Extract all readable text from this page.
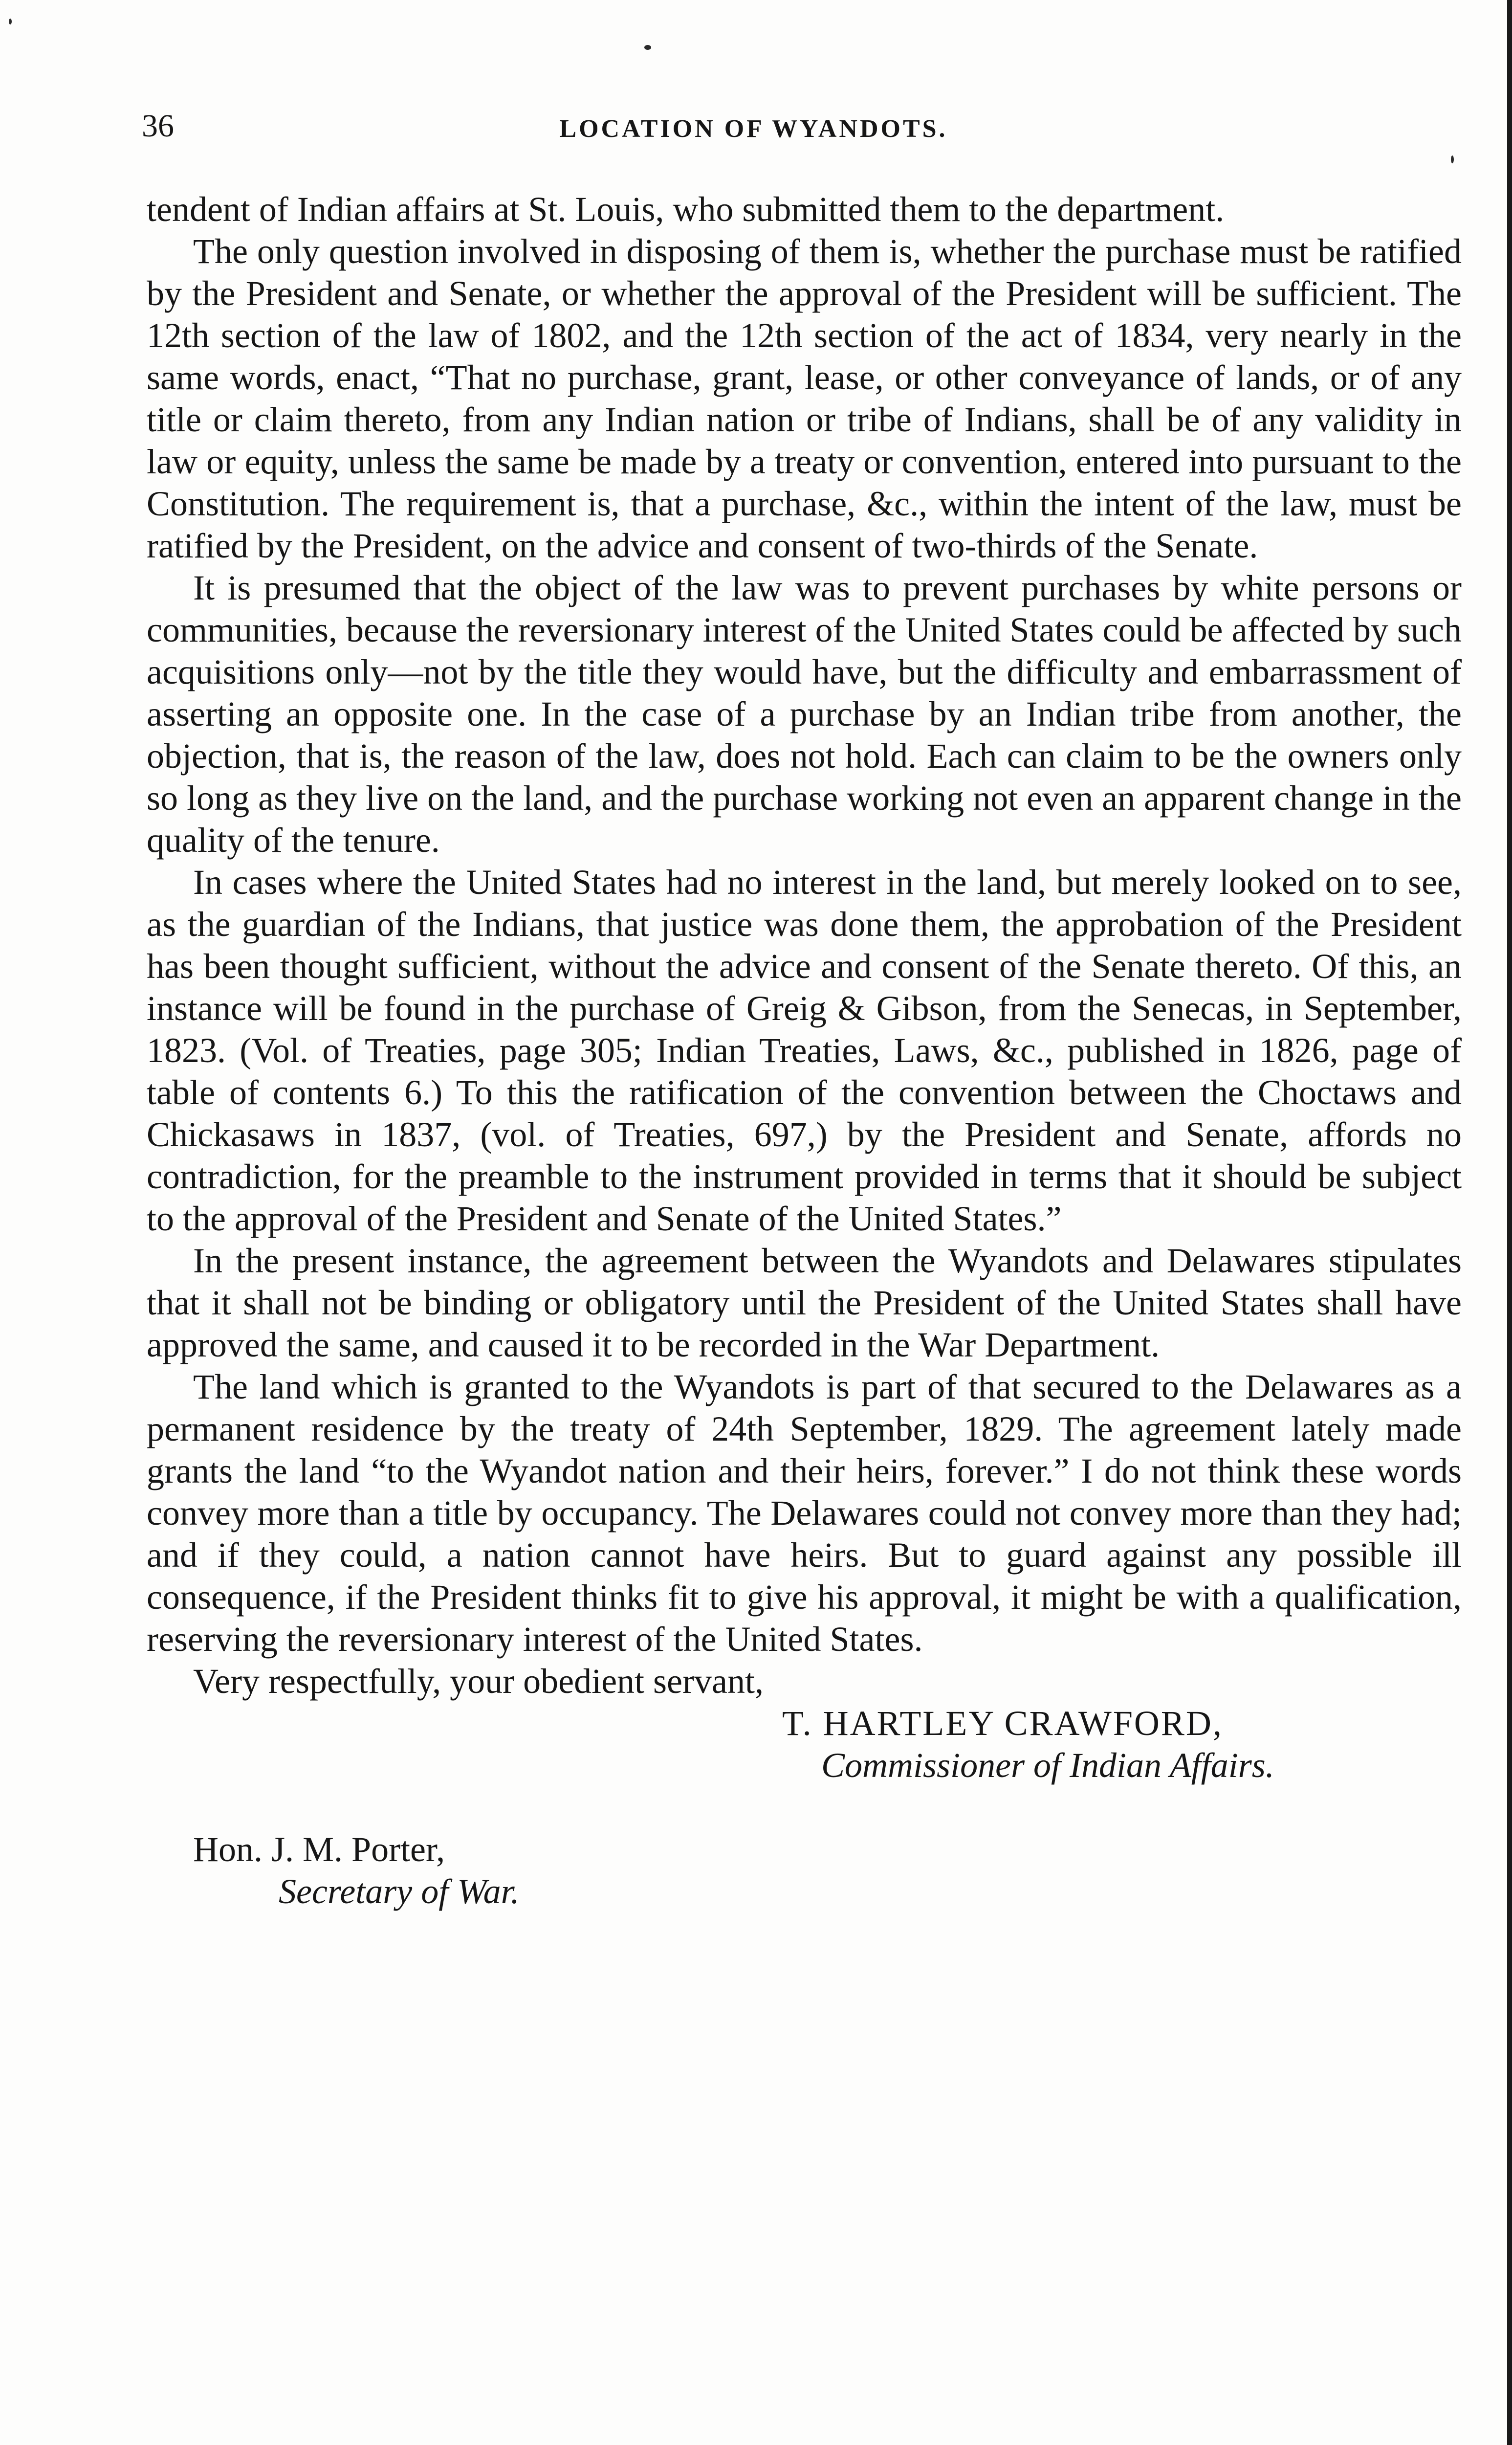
36	LOCATION OF WYANDOTS.

tendent of Indian affairs at St. Louis, who submitted them to the department.

The only question involved in disposing of them is, whether the purchase must be ratified by the President and Senate, or whether the approval of the President will be sufficient. The 12th section of the law of 1802, and the 12th section of the act of 1834, very nearly in the same words, enact, “That no purchase, grant, lease, or other conveyance of lands, or of any title or claim thereto, from any Indian nation or tribe of Indians, shall be of any validity in law or equity, unless the same be made by a treaty or convention, entered into pursuant to the Constitution. The requirement is, that a purchase, &c., within the intent of the law, must be ratified by the President, on the advice and consent of two-thirds of the Senate.

It is presumed that the object of the law was to prevent purchases by white persons or communities, because the reversionary interest of the United States could be affected by such acquisitions only—not by the title they would have, but the difficulty and embarrassment of asserting an opposite one. In the case of a purchase by an Indian tribe from another, the objection, that is, the reason of the law, does not hold. Each can claim to be the owners only so long as they live on the land, and the purchase working not even an apparent change in the quality of the tenure.

In cases where the United States had no interest in the land, but merely looked on to see, as the guardian of the Indians, that justice was done them, the approbation of the President has been thought sufficient, without the advice and consent of the Senate thereto. Of this, an instance will be found in the purchase of Greig & Gibson, from the Senecas, in September, 1823. (Vol. of Treaties, page 305; Indian Treaties, Laws, &c., published in 1826, page of table of contents 6.) To this the ratification of the convention between the Choctaws and Chickasaws in 1837, (vol. of Treaties, 697,) by the President and Senate, affords no contradiction, for the preamble to the instrument provided in terms that it should be subject to the approval of the President and Senate of the United States.”

In the present instance, the agreement between the Wyandots and Delawares stipulates that it shall not be binding or obligatory until the President of the United States shall have approved the same, and caused it to be recorded in the War Department.

The land which is granted to the Wyandots is part of that secured to the Delawares as a permanent residence by the treaty of 24th September, 1829. The agreement lately made grants the land “to the Wyandot nation and their heirs, forever.” I do not think these words convey more than a title by occupancy. The Delawares could not convey more than they had; and if they could, a nation cannot have heirs. But to guard against any possible ill consequence, if the President thinks fit to give his approval, it might be with a qualification, reserving the reversionary interest of the United States.

Very respectfully, your obedient servant,

T. HARTLEY CRAWFORD,
Commissioner of Indian Affairs.

Hon. J. M. Porter,
Secretary of War.
